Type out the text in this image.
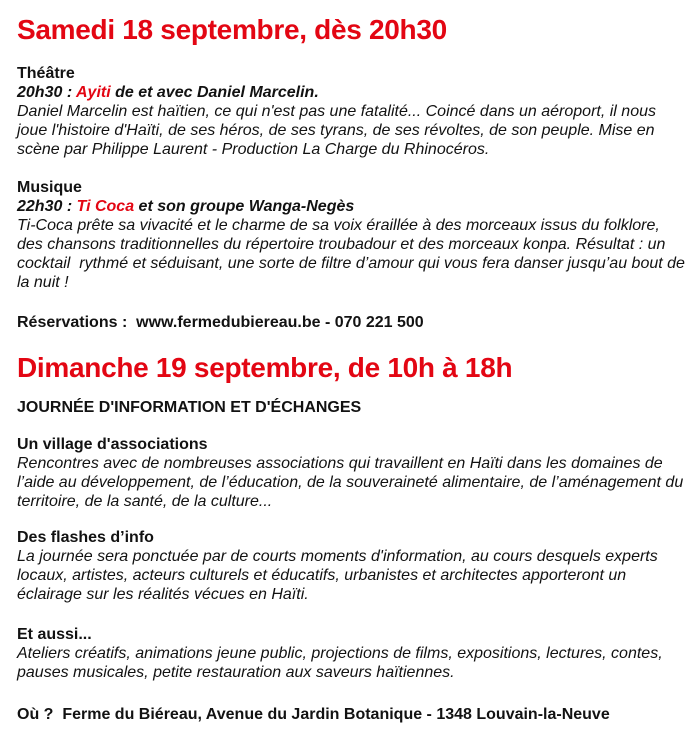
Samedi 18 septembre, dès 20h30

Théâtre

20h30 : Ayiti de et avec Daniel Marcelin.

Daniel Marcelin est haïtien, ce qui n'est pas une fatalité... Coincé dans un aéroport, il nous joue l'histoire d'Haïti, de ses héros, de ses tyrans, de ses révoltes, de son peuple. Mise en scène par Philippe Laurent - Production La Charge du Rhinocéros.

Musique

22h30 : Ti Coca et son groupe Wanga-Negès

Ti-Coca prête sa vivacité et le charme de sa voix éraillée à des morceaux issus du folklore, des chansons traditionnelles du répertoire troubadour et des morceaux konpa. Résultat : un cocktail  rythmé et séduisant, une sorte de filtre d’amour qui vous fera danser jusqu’au bout de la nuit !

Réservations :  www.fermedubiereau.be - 070 221 500

Dimanche 19 septembre, de 10h à 18h

JOURNÉE D'INFORMATION ET D'ÉCHANGES

Un village d'associations

Rencontres avec de nombreuses associations qui travaillent en Haïti dans les domaines de l’aide au développement, de l’éducation, de la souveraineté alimentaire, de l’aménagement du territoire, de la santé, de la culture...

Des flashes d’info

La journée sera ponctuée par de courts moments d'information, au cours desquels experts locaux, artistes, acteurs culturels et éducatifs, urbanistes et architectes apporteront un éclairage sur les réalités vécues en Haïti.

Et aussi...

Ateliers créatifs, animations jeune public, projections de films, expositions, lectures, contes, pauses musicales, petite restauration aux saveurs haïtiennes.

Où ?  Ferme du Biéreau, Avenue du Jardin Botanique - 1348 Louvain-la-Neuve
